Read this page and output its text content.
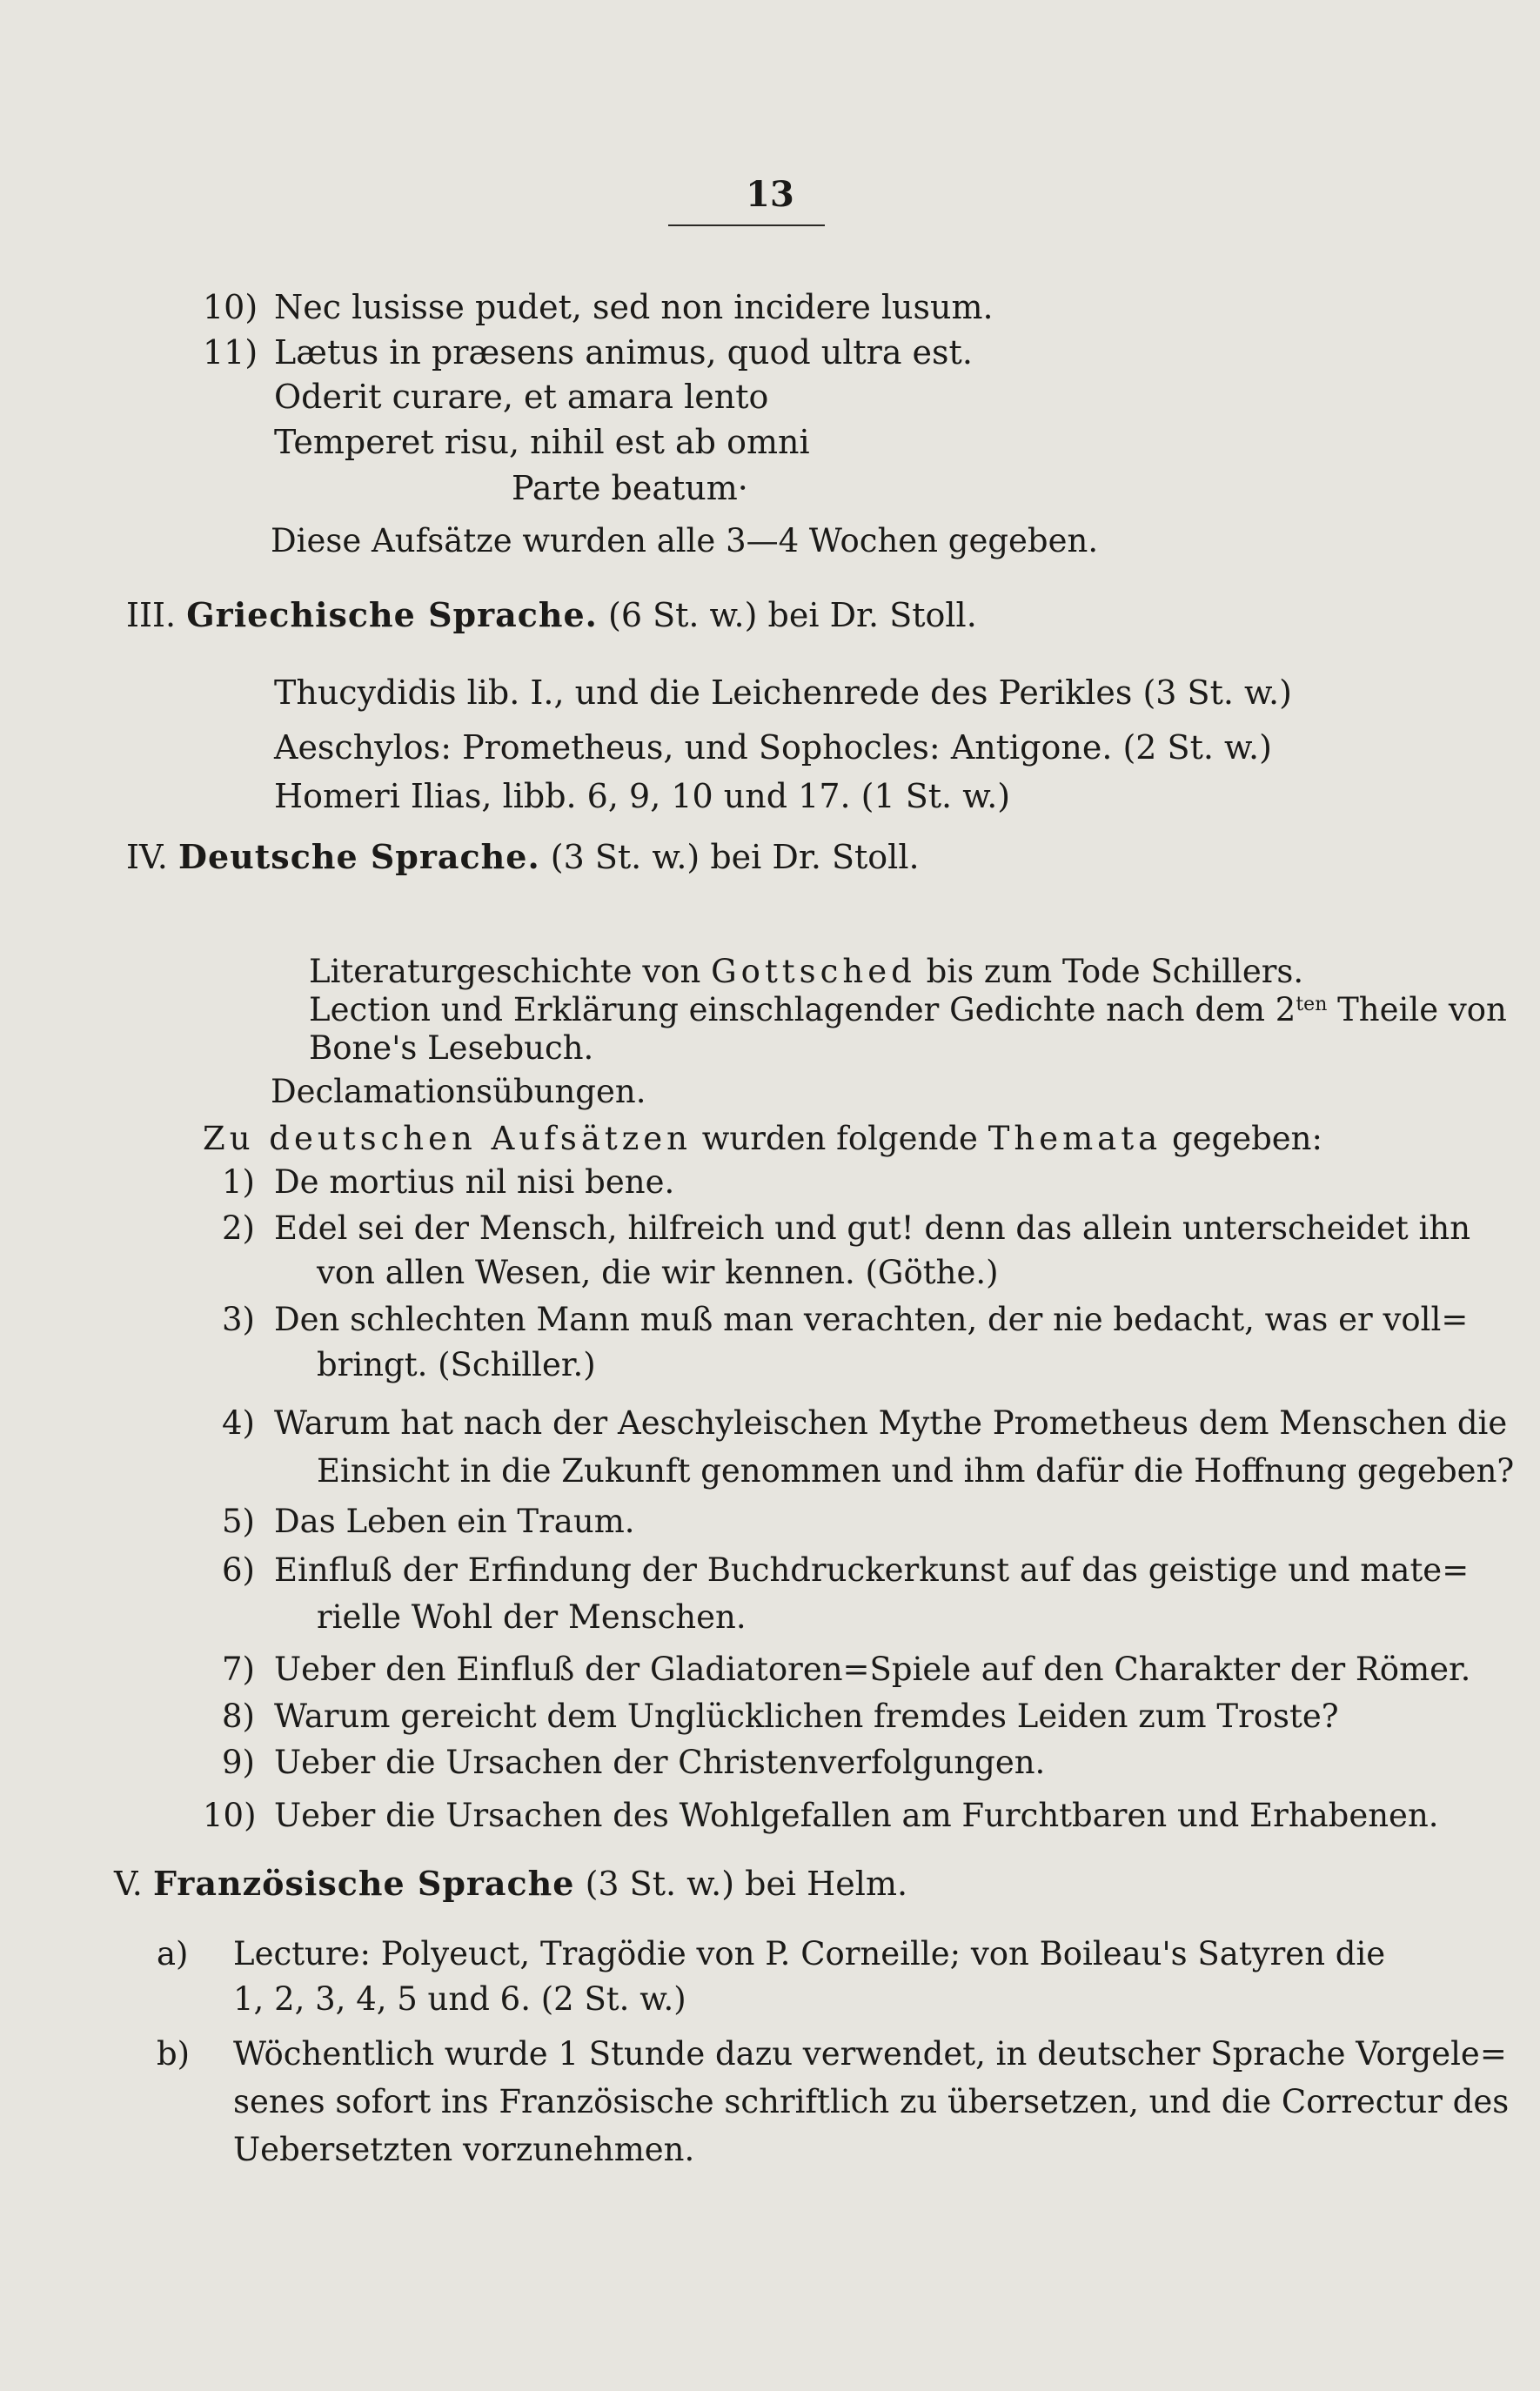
13
10) Nec lusisse pudet, sed non incidere lusum.
11) Lætus in præsens animus, quod ultra est.
Oderit curare, et amara lento
Temperet risu, nihil est ab omni
Parte beatum·
Diese Aufsätze wurden alle 3—4 Wochen gegeben.
III. Griechische Sprache. (6 St. w.) bei Dr. Stoll.
Thucydidis lib. I., und die Leichenrede des Perikles (3 St. w.)
Aeschylos: Prometheus, und Sophocles: Antigone. (2 St. w.)
Homeri Ilias, libb. 6, 9, 10 und 17. (1 St. w.)
IV. Deutsche Sprache. (3 St. w.) bei Dr. Stoll.
Literaturgeschichte von Gottsched bis zum Tode Schillers.
Lection und Erklärung einschlagender Gedichte nach dem $2^{ten}$ Theile von
Bone's Lesebuch.
Declamationsübungen.
Zu deutschen Aufsätzen wurden folgende Themata gegeben:
1) De mortius nil nisi bene.
2) Edel sei der Mensch, hilfreich und gut! denn das allein unterscheidet ihn
von allen Wesen, die wir kennen. (Göthe.)
3) Den schlechten Mann muß man verachten, der nie bedacht, was er voll=
bringt. (Schiller.)
4) Warum hat nach der Aeschyleischen Mythe Prometheus dem Menschen die
Einsicht in die Zukunft genommen und ihm dafür die Hoffnung gegeben?
5) Das Leben ein Traum.
6) Einfluß der Erfindung der Buchdruckerkunst auf das geistige und mate=
rielle Wohl der Menschen.
7) Ueber den Einfluß der Gladiatoren=Spiele auf den Charakter der Römer.
8) Warum gereicht dem Unglücklichen fremdes Leiden zum Troste?
9) Ueber die Ursachen der Christenverfolgungen.
10) Ueber die Ursachen des Wohlgefallen am Furchtbaren und Erhabenen.
V. Französische Sprache (3 St. w.) bei Helm.
a) Lecture: Polyeuct, Tragödie von P. Corneille; von Boileau's Satyren die
1, 2, 3, 4, 5 und 6. (2 St. w.)
b) Wöchentlich wurde 1 Stunde dazu verwendet, in deutscher Sprache Vorgele=
senes sofort ins Französische schriftlich zu übersetzen, und die Correctur des
Uebersetzten vorzunehmen.
